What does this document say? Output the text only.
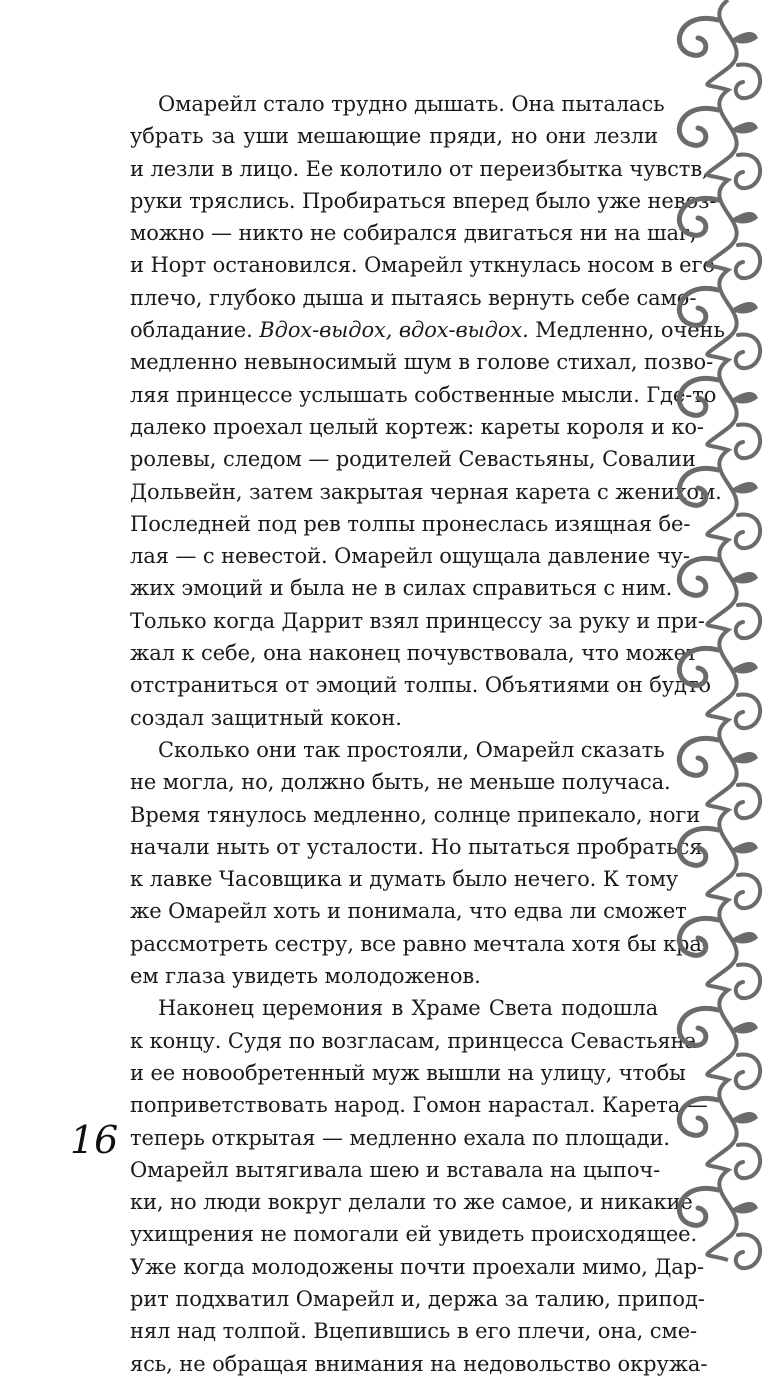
Омарейл стало трудно дышать. Она пыталась
убрать за уши мешающие пряди, но они лезли
и лезли в лицо. Ее колотило от переизбытка чувств,
руки тряслись. Пробираться вперед было уже невоз-
можно — никто не собирался двигаться ни на шаг,
и Норт остановился. Омарейл уткнулась носом в его
плечо, глубоко дыша и пытаясь вернуть себе само-
обладание. Вдох-выдох, вдох-выдох. Медленно, очень
медленно невыносимый шум в голове стихал, позво-
ляя принцессе услышать собственные мысли. Где-то
далеко проехал целый кортеж: кареты короля и ко-
ролевы, следом — родителей Севастьяны, Совалии
Дольвейн, затем закрытая черная карета с женихом.
Последней под рев толпы пронеслась изящная бе-
лая — с невестой. Омарейл ощущала давление чу-
жих эмоций и была не в силах справиться с ним.
Только когда Даррит взял принцессу за руку и при-
жал к себе, она наконец почувствовала, что может
отстраниться от эмоций толпы. Объятиями он будто
создал защитный кокон.
Сколько они так простояли, Омарейл сказать
не могла, но, должно быть, не меньше получаса.
Время тянулось медленно, солнце припекало, ноги
начали ныть от усталости. Но пытаться пробраться
к лавке Часовщика и думать было нечего. К тому
же Омарейл хоть и понимала, что едва ли сможет
рассмотреть сестру, все равно мечтала хотя бы кра-
ем глаза увидеть молодоженов.
Наконец церемония в Храме Света подошла
к концу. Судя по возгласам, принцесса Севастьяна
и ее новообретенный муж вышли на улицу, чтобы
поприветствовать народ. Гомон нарастал. Карета —
теперь открытая — медленно ехала по площади.
Омарейл вытягивала шею и вставала на цыпоч-
ки, но люди вокруг делали то же самое, и никакие
ухищрения не помогали ей увидеть происходящее.
Уже когда молодожены почти проехали мимо, Дар-
рит подхватил Омарейл и, держа за талию, припод-
нял над толпой. Вцепившись в его плечи, она, сме-
ясь, не обращая внимания на недовольство окружа-
16
